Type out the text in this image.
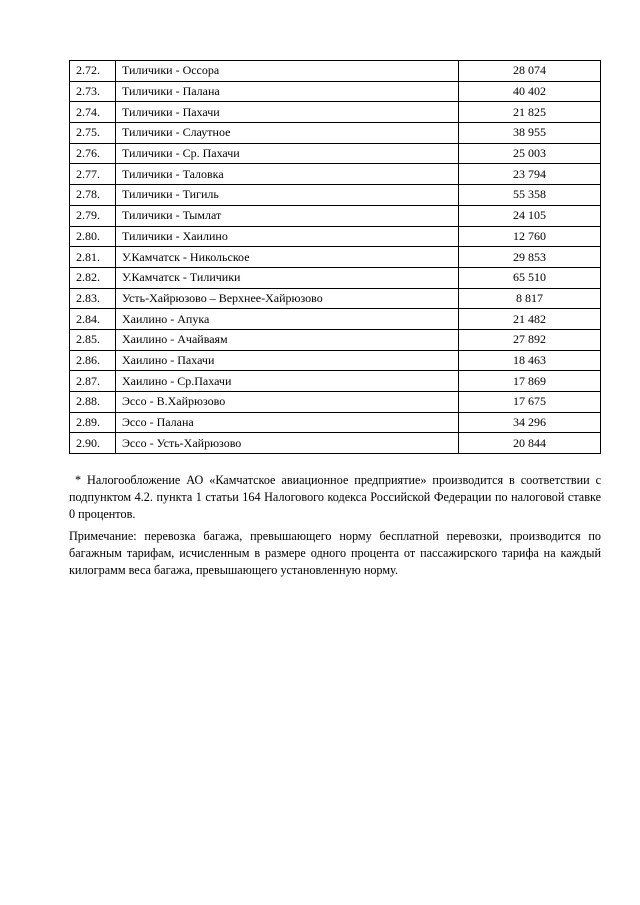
2.72.	Тиличики - Оссора	28 074
2.73.	Тиличики - Палана	40 402
2.74.	Тиличики - Пахачи	21 825
2.75.	Тиличики - Слаутное	38 955
2.76.	Тиличики - Ср. Пахачи	25 003
2.77.	Тиличики - Таловка	23 794
2.78.	Тиличики - Тигиль	55 358
2.79.	Тиличики - Тымлат	24 105
2.80.	Тиличики - Хаилино	12 760
2.81.	У.Камчатск - Никольское	29 853
2.82.	У.Камчатск - Тиличики	65 510
2.83.	Усть-Хайрюзово – Верхнее-Хайрюзово	8 817
2.84.	Хаилино - Апука	21 482
2.85.	Хаилино - Ачайваям	27 892
2.86.	Хаилино - Пахачи	18 463
2.87.	Хаилино - Ср.Пахачи	17 869
2.88.	Эссо - В.Хайрюзово	17 675
2.89.	Эссо - Палана	34 296
2.90.	Эссо - Усть-Хайрюзово	20 844

* Налогообложение АО «Камчатское авиационное предприятие» производится в соответствии с подпунктом 4.2. пункта 1 статьи 164 Налогового кодекса Российской Федерации по налоговой ставке 0 процентов.

Примечание: перевозка багажа, превышающего норму бесплатной перевозки, производится по багажным тарифам, исчисленным в размере одного процента от пассажирского тарифа на каждый килограмм веса багажа, превышающего установленную норму.
